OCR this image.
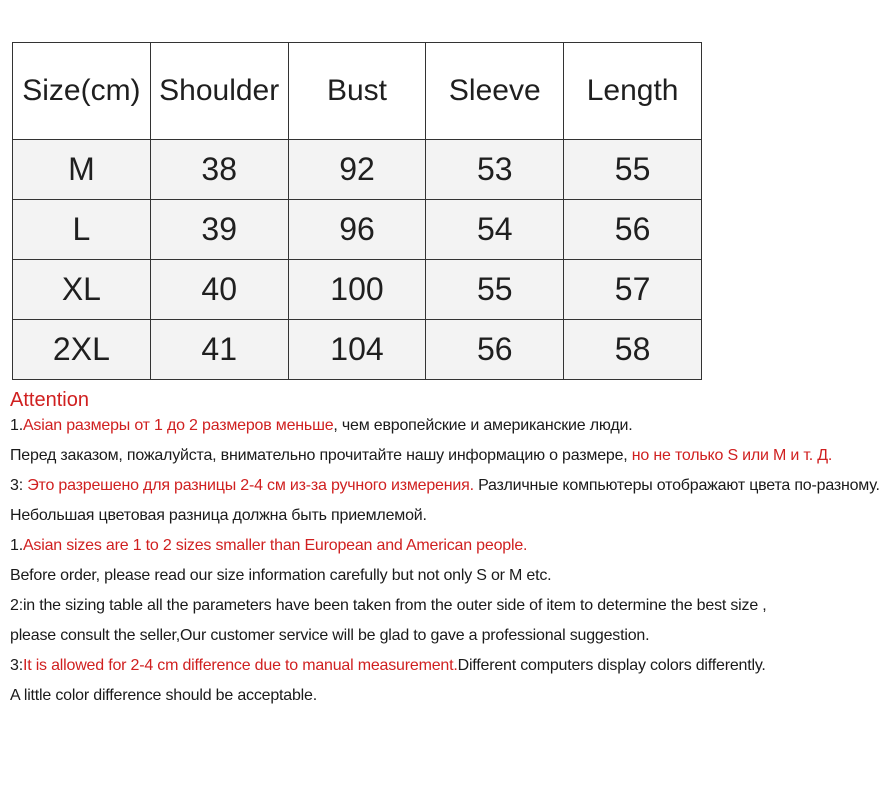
Size(cm)	Shoulder	Bust	Sleeve	Length
M	38	92	53	55
L	39	96	54	56
XL	40	100	55	57
2XL	41	104	56	58
Attention
1.Asian размеры от 1 до 2 размеров меньше, чем европейские и американские люди.
Перед заказом, пожалуйста, внимательно прочитайте нашу информацию о размере, но не только S или M и т. Д.
3: Это разрешено для разницы 2-4 см из-за ручного измерения. Различные компьютеры отображают цвета по-разному.
Небольшая цветовая разница должна быть приемлемой.
1.Asian sizes are 1 to 2 sizes smaller than European and American people.
Before order, please read our size information carefully but not only S or M etc.
2:in the sizing table all the parameters have been taken from the outer side of item to determine the best size ,
please consult the seller,Our customer service will be glad to gave a professional suggestion.
3:It is allowed for 2-4 cm difference due to manual measurement.Different computers display colors differently.
A little color difference should be acceptable.
